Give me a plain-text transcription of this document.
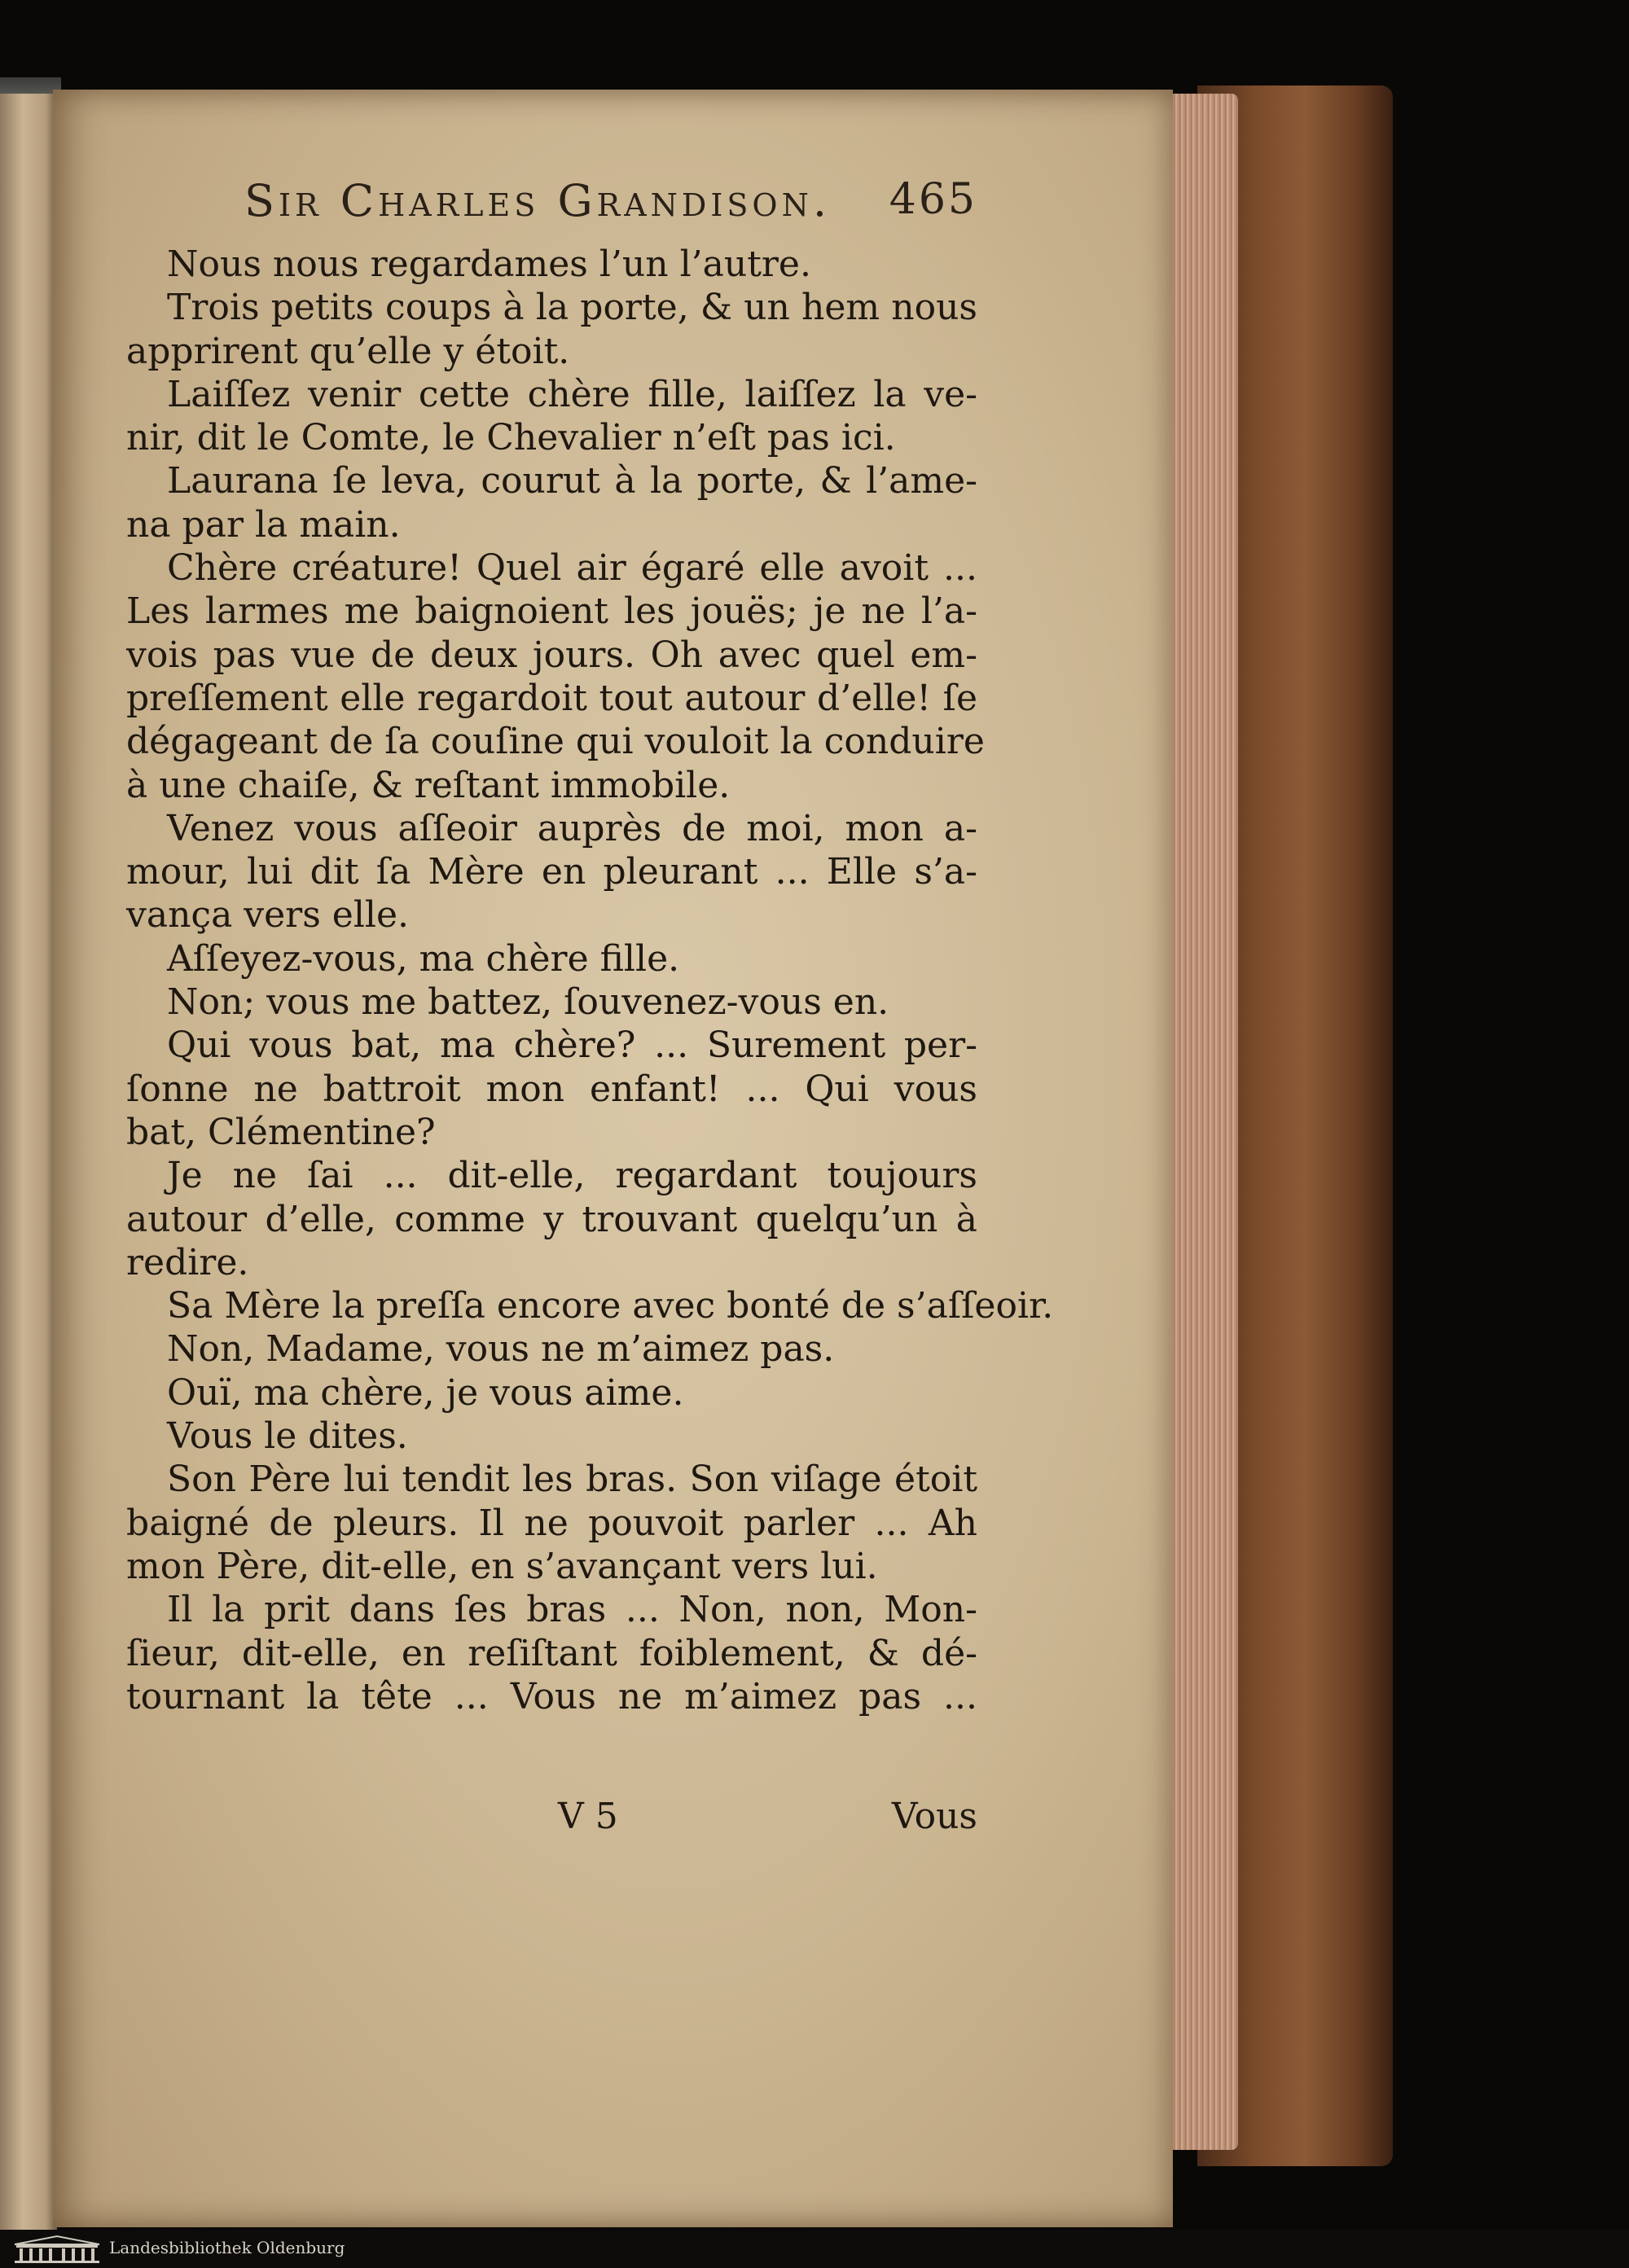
Sir Charles Grandison. 465
Nous nous regardames l’un l’autre.
Trois petits coups à la porte, & un hem nous
apprirent qu’elle y étoit.
Laiſſez venir cette chère fille, laiſſez la ve-
nir, dit le Comte, le Chevalier n’eſt pas ici.
Laurana ſe leva, courut à la porte, & l’ame-
na par la main.
Chère créature! Quel air égaré elle avoit ...
Les larmes me baignoient les jouës; je ne l’a-
vois pas vue de deux jours. Oh avec quel em-
preſſement elle regardoit tout autour d’elle! ſe
dégageant de ſa couſine qui vouloit la conduire
à une chaiſe, & reſtant immobile.
Venez vous aſſeoir auprès de moi, mon a-
mour, lui dit ſa Mère en pleurant ... Elle s’a-
vança vers elle.
Aſſeyez-vous, ma chère fille.
Non; vous me battez, ſouvenez-vous en.
Qui vous bat, ma chère? ... Surement per-
ſonne ne battroit mon enfant! ... Qui vous
bat, Clémentine?
Je ne ſai ... dit-elle, regardant toujours
autour d’elle, comme y trouvant quelqu’un à
redire.
Sa Mère la preſſa encore avec bonté de s’aſſeoir.
Non, Madame, vous ne m’aimez pas.
Ouï, ma chère, je vous aime.
Vous le dites.
Son Père lui tendit les bras. Son viſage étoit
baigné de pleurs. Il ne pouvoit parler ... Ah
mon Père, dit-elle, en s’avançant vers lui.
Il la prit dans ſes bras ... Non, non, Mon-
ſieur, dit-elle, en reſiſtant foiblement, & dé-
tournant la tête ... Vous ne m’aimez pas ...
V 5	Vous
Landesbibliothek Oldenburg
